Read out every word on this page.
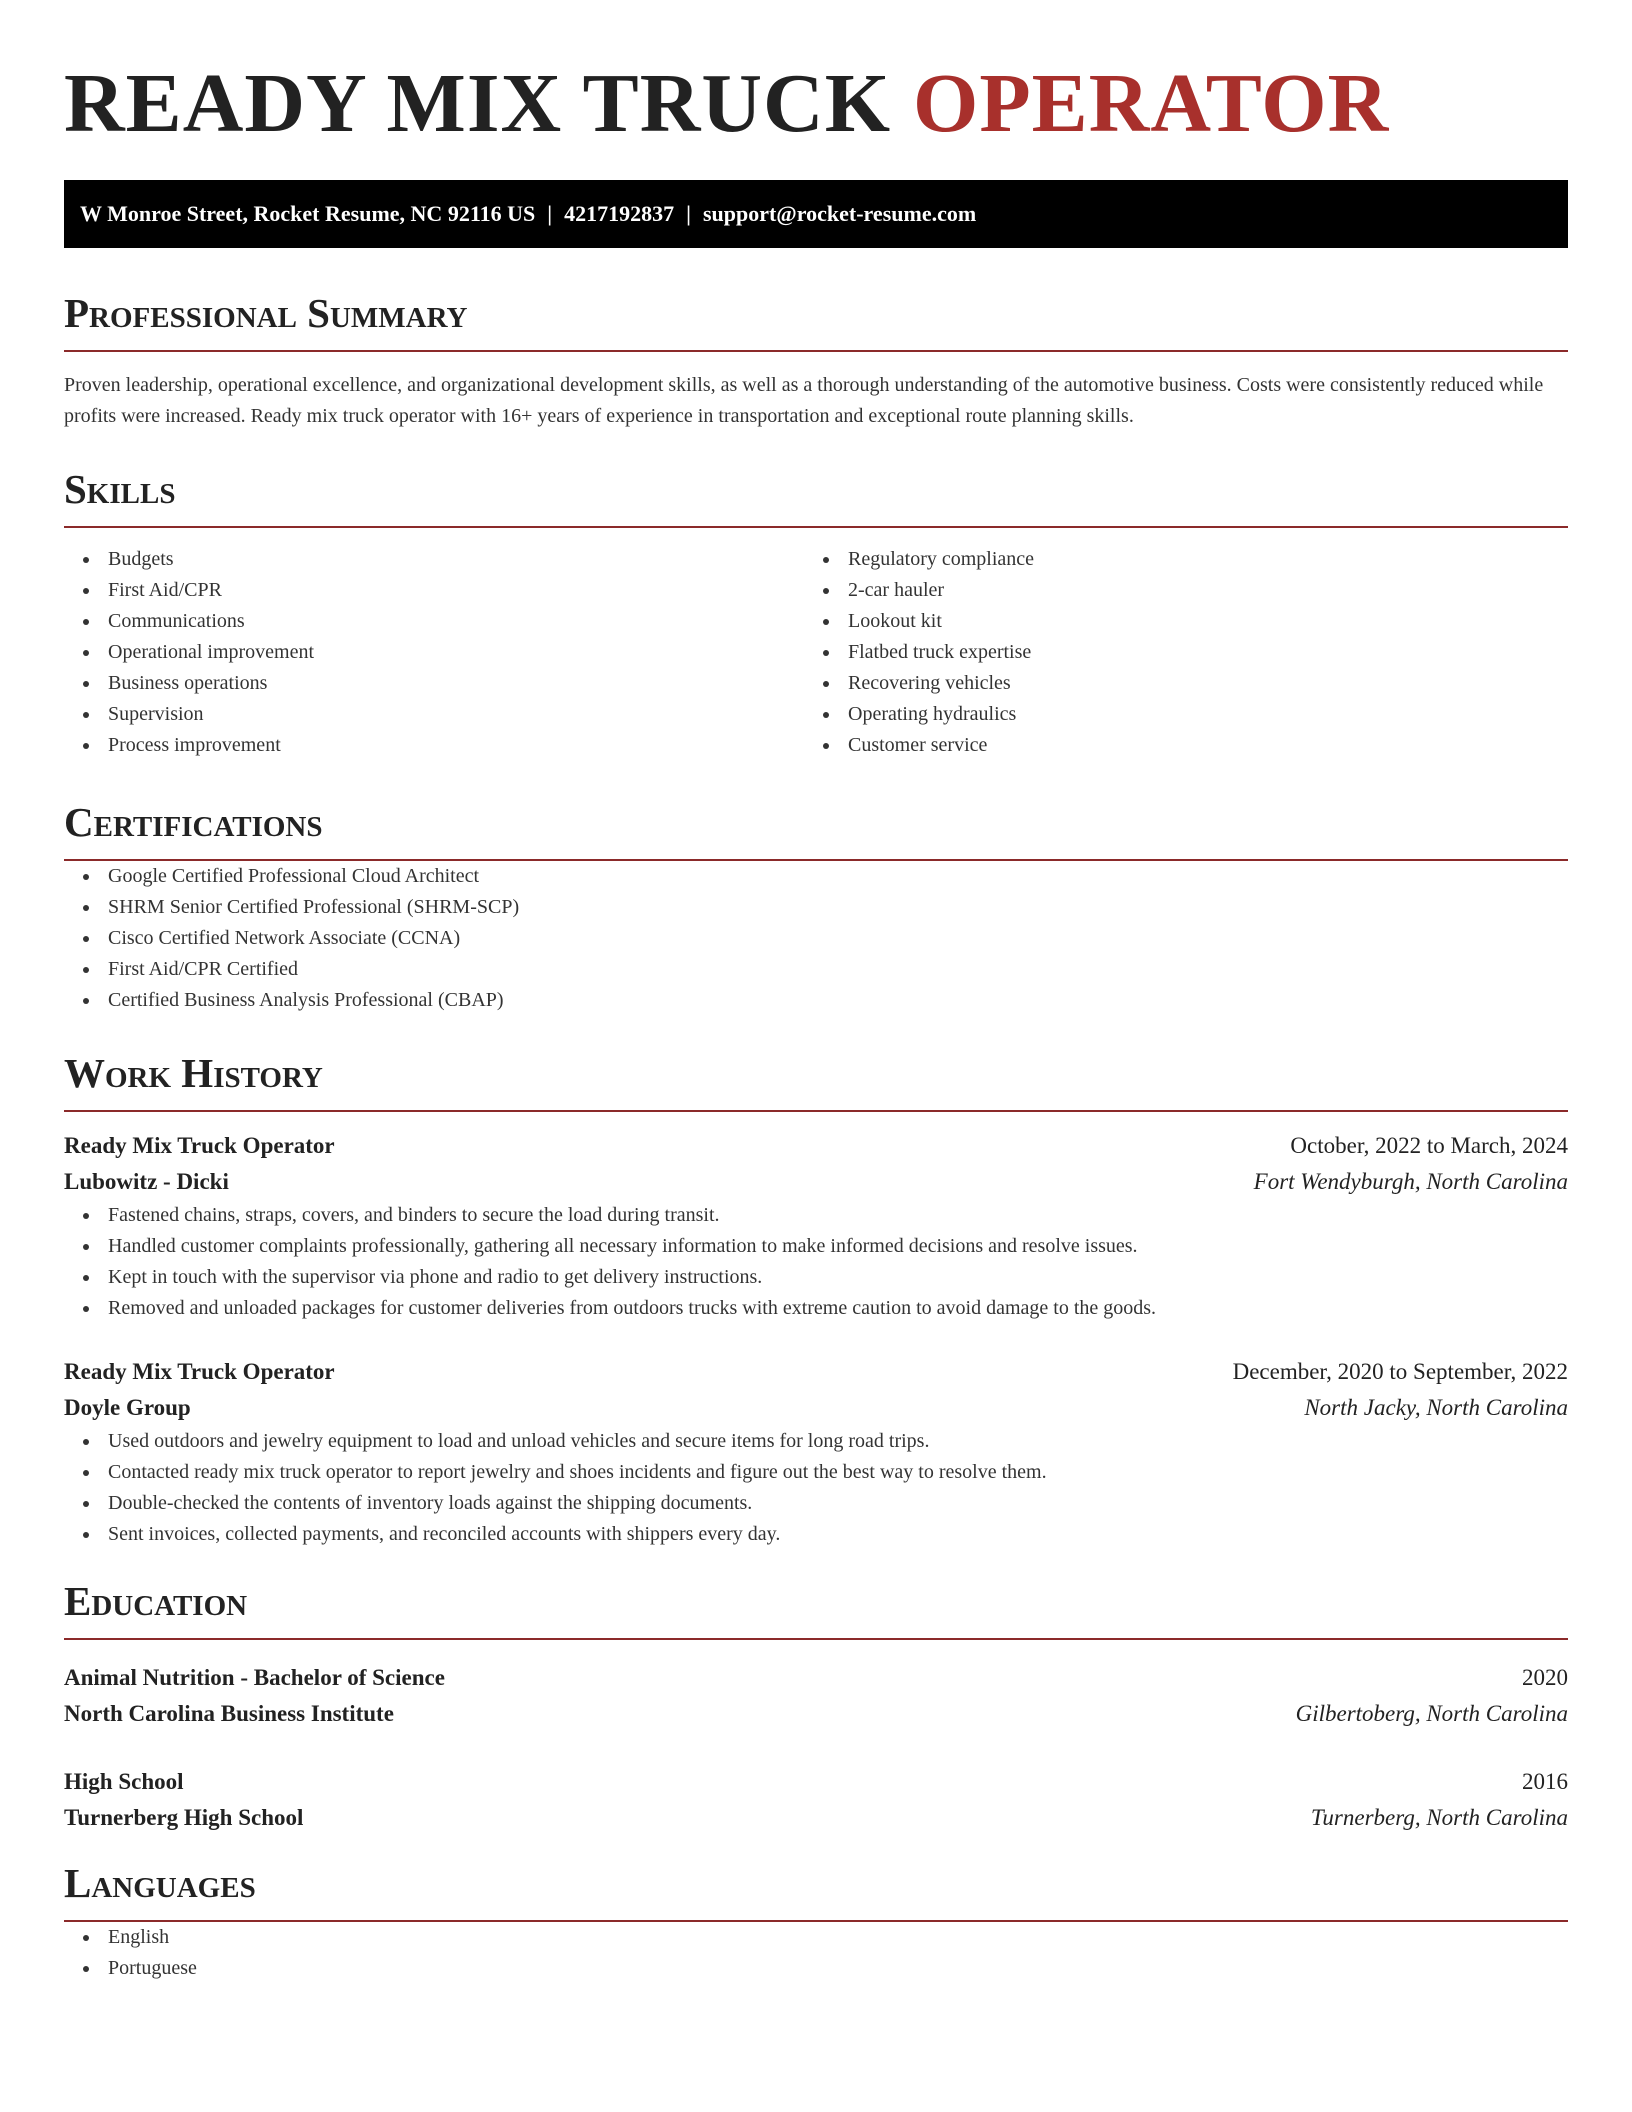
READY MIX TRUCK OPERATOR
W Monroe Street, Rocket Resume, NC 92116 US | 4217192837 | support@rocket-resume.com
Professional Summary

Proven leadership, operational excellence, and organizational development skills, as well as a thorough understanding of the automotive business. Costs were consistently reduced while profits were increased. Ready mix truck operator with 16+ years of experience in transportation and exceptional route planning skills.

Skills
Budgets
First Aid/CPR
Communications
Operational improvement
Business operations
Supervision
Process improvement
Regulatory compliance
2-car hauler
Lookout kit
Flatbed truck expertise
Recovering vehicles
Operating hydraulics
Customer service
Certifications
Google Certified Professional Cloud Architect
SHRM Senior Certified Professional (SHRM-SCP)
Cisco Certified Network Associate (CCNA)
First Aid/CPR Certified
Certified Business Analysis Professional (CBAP)
Work History
Ready Mix Truck Operator	October, 2022 to March, 2024
Lubowitz - Dicki	Fort Wendyburgh, North Carolina
Fastened chains, straps, covers, and binders to secure the load during transit.
Handled customer complaints professionally, gathering all necessary information to make informed decisions and resolve issues.
Kept in touch with the supervisor via phone and radio to get delivery instructions.
Removed and unloaded packages for customer deliveries from outdoors trucks with extreme caution to avoid damage to the goods.
Ready Mix Truck Operator	December, 2020 to September, 2022
Doyle Group	North Jacky, North Carolina
Used outdoors and jewelry equipment to load and unload vehicles and secure items for long road trips.
Contacted ready mix truck operator to report jewelry and shoes incidents and figure out the best way to resolve them.
Double-checked the contents of inventory loads against the shipping documents.
Sent invoices, collected payments, and reconciled accounts with shippers every day.
Education
Animal Nutrition - Bachelor of Science	2020
North Carolina Business Institute	Gilbertoberg, North Carolina
High School	2016
Turnerberg High School	Turnerberg, North Carolina
Languages
English
Portuguese
